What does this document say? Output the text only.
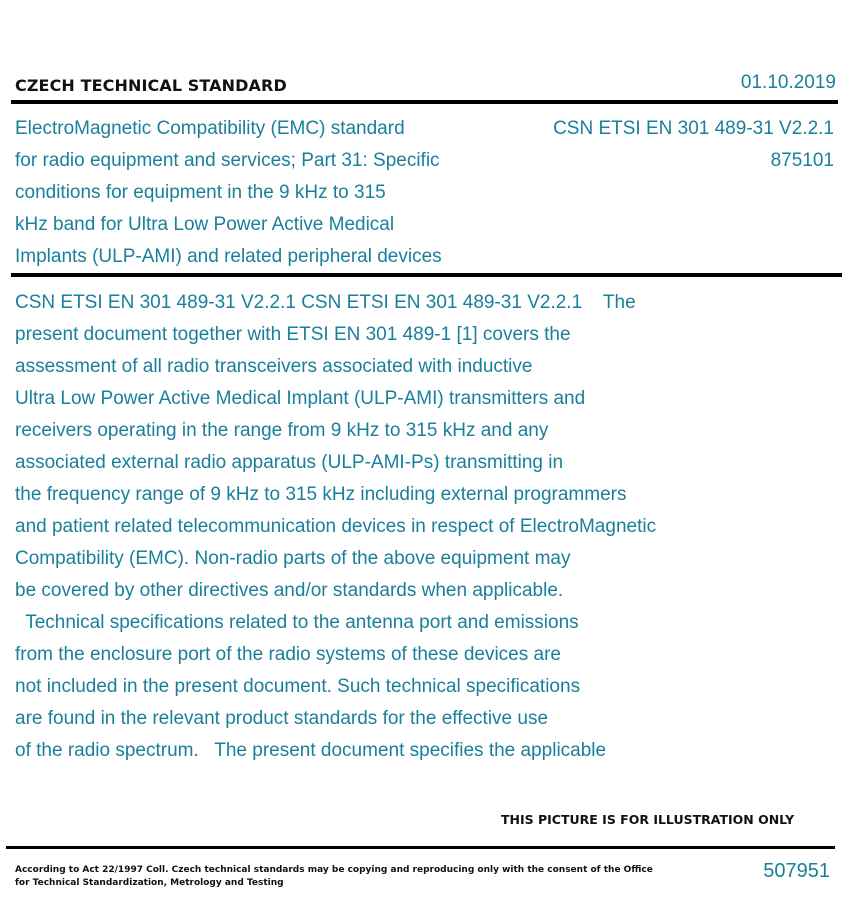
CZECH TECHNICAL STANDARD	01.10.2019
ElectroMagnetic Compatibility (EMC) standard
for radio equipment and services; Part 31: Specific
conditions for equipment in the 9 kHz to 315
kHz band for Ultra Low Power Active Medical
Implants (ULP-AMI) and related peripheral devices
CSN ETSI EN 301 489-31 V2.2.1
875101
CSN ETSI EN 301 489-31 V2.2.1 CSN ETSI EN 301 489-31 V2.2.1    The
present document together with ETSI EN 301 489-1 [1] covers the
assessment of all radio transceivers associated with inductive
Ultra Low Power Active Medical Implant (ULP-AMI) transmitters and
receivers operating in the range from 9 kHz to 315 kHz and any
associated external radio apparatus (ULP-AMI-Ps) transmitting in
the frequency range of 9 kHz to 315 kHz including external programmers
and patient related telecommunication devices in respect of ElectroMagnetic
Compatibility (EMC). Non-radio parts of the above equipment may
be covered by other directives and/or standards when applicable.
Technical specifications related to the antenna port and emissions
from the enclosure port of the radio systems of these devices are
not included in the present document. Such technical specifications
are found in the relevant product standards for the effective use
of the radio spectrum.   The present document specifies the applicable
THIS PICTURE IS FOR ILLUSTRATION ONLY
According to Act 22/1997 Coll. Czech technical standards may be copying and reproducing only with the consent of the Office
for Technical Standardization, Metrology and Testing
507951
